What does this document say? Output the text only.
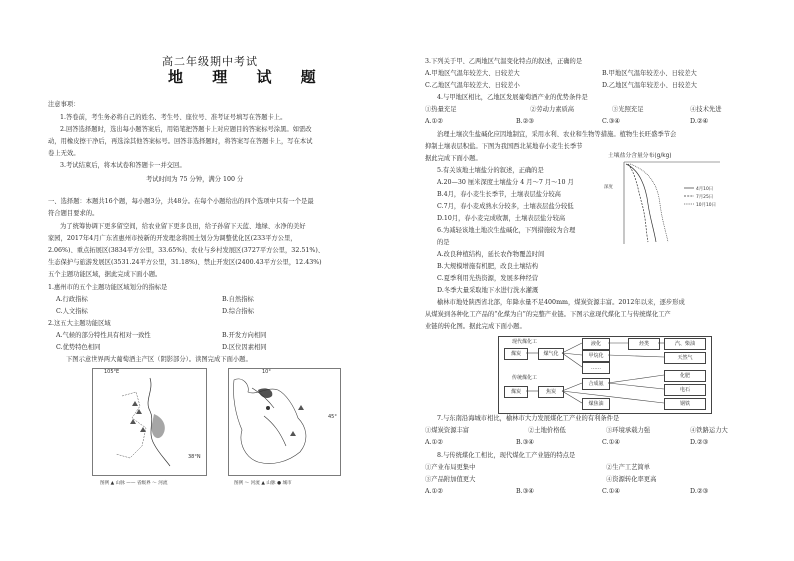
高二年级期中考试
地 理 试 题
注意事项：
1.答卷前，考生务必将自己的姓名、考生号、座位号、准考证号填写在答题卡上。
2.回答选择题时，选出每小题答案后，用铅笔把答题卡上对应题目的答案标号涂黑。如需改
动，用橡皮擦干净后，再选涂其他答案标号。回答非选择题时，将答案写在答题卡上，写在本试
卷上无效。
3.考试结束后，将本试卷和答题卡一并交回。
考试时间为 75 分钟，满分 100 分
一、选择题：本题共16个题，每小题3分，共48分。在每个小题给出的四个选项中只有一个是最
符合题目要求的。
为了统筹协调下更多留空间，给农业留下更多良田，给子孙留下天蓝、地绿、水净的美好
家园，2017年4月广东省惠州市按新的开发理念将国土划分为调整优化区(233平方公里，
2.06%)、重点拓展区(3834平方公里，33.65%)、农业与乡村发展区(3727平方公里，32.51%)、
生态保护与旅游发展区(3531.24平方公里，31.18%)、禁止开发区(2400.43平方公里，12.43%)
五个主题功能区域，据此完成下面小题。
1.惠州市的五个主题功能区域划分的指标是
A.行政指标	B.自然指标
C.人文指标	D.综合指标
2.这五大主题功能区域
A.气候的部分特性具有相对一致性	B.开发方向相同
C.优势特色相同	D.区位因素相同
下图示意世界两大葡萄酒主产区（阴影部分）。读图完成下面小题。
105°E
38°N
图例 ▲ 山脉 —— 省级界 ～ 河流
10°
45°
图例 ～ 河流 ▲ 山脉 ● 城市
3.下列关于甲、乙两地区气温变化特点的叙述，正确的是
A.甲地区气温年较差大、日较差大	B.甲地区气温年较差小、日较差大
C.乙地区气温年较差大、日较差小	D.乙地区气温年较差小、日较差大
4.与甲地区相比，乙地区发展葡萄酒产业的优势条件是
①热量充足	②劳动力素质高	③光照充足	④技术先进
A.①②	B.②③	C.③④	D.②④
治理土壤次生盐碱化应因地制宜，采用水利、农业和生物等措施。植物生长旺盛季节会
抑制土壤表层积盐。下图为我国西北某地春小麦生长季节
据此完成下面小题。	土壤盐分含量分布(g/kg)
深度	4月10日
7月25日
10月10日
5.有关该地土壤盐分的叙述，正确的是
A.20—30 厘米深度土壤盐分 4 月～7 月～10 月
B.4月，春小麦生长季节，土壤表层盐分较高
C.7月，春小麦成熟水分较多，土壤表层盐分较低
D.10月，春小麦完成收割，土壤表层盐分较高
6.为减轻该地土地次生盐碱化，下列措施较为合理
的是
A.改良种植结构，延长农作物覆盖时间
B.大规模增施有机肥，改良土壤结构
C.夏季利用光热资源，发展多种经营
D.冬季大量采取地下水进行洗水灌溉
榆林市地处陕西省北部，年降水量不足400mm，煤炭资源丰富。2012年以来，逐步形成
从煤炭到各种化工产品的“化煤为自”的完整产业链。下图示意现代煤化工与传统煤化工产
业链的转化图。据此完成下面小题。
现代煤化工
传统煤化工
煤炭	煤气化
液化
甲烷化
……
烃类	汽、柴油
天然气
煤炭	焦炭
合成氨
煤焦油
化肥
电石
钢铁
7.与东南沿海城市相比，榆林市大力发展煤化工产业的有利条件是
①煤炭资源丰富	②土地价格低	③环境承载力强	④铁路运力大
A.①②	B.③④	C.①④	D.②③
8.与传统煤化工相比，现代煤化工产业链的特点是
①产业布局更集中	②生产工艺简单
③产品附加值更大	④资源转化率更高
A.①②	B.③④	C.①④	D.②③
